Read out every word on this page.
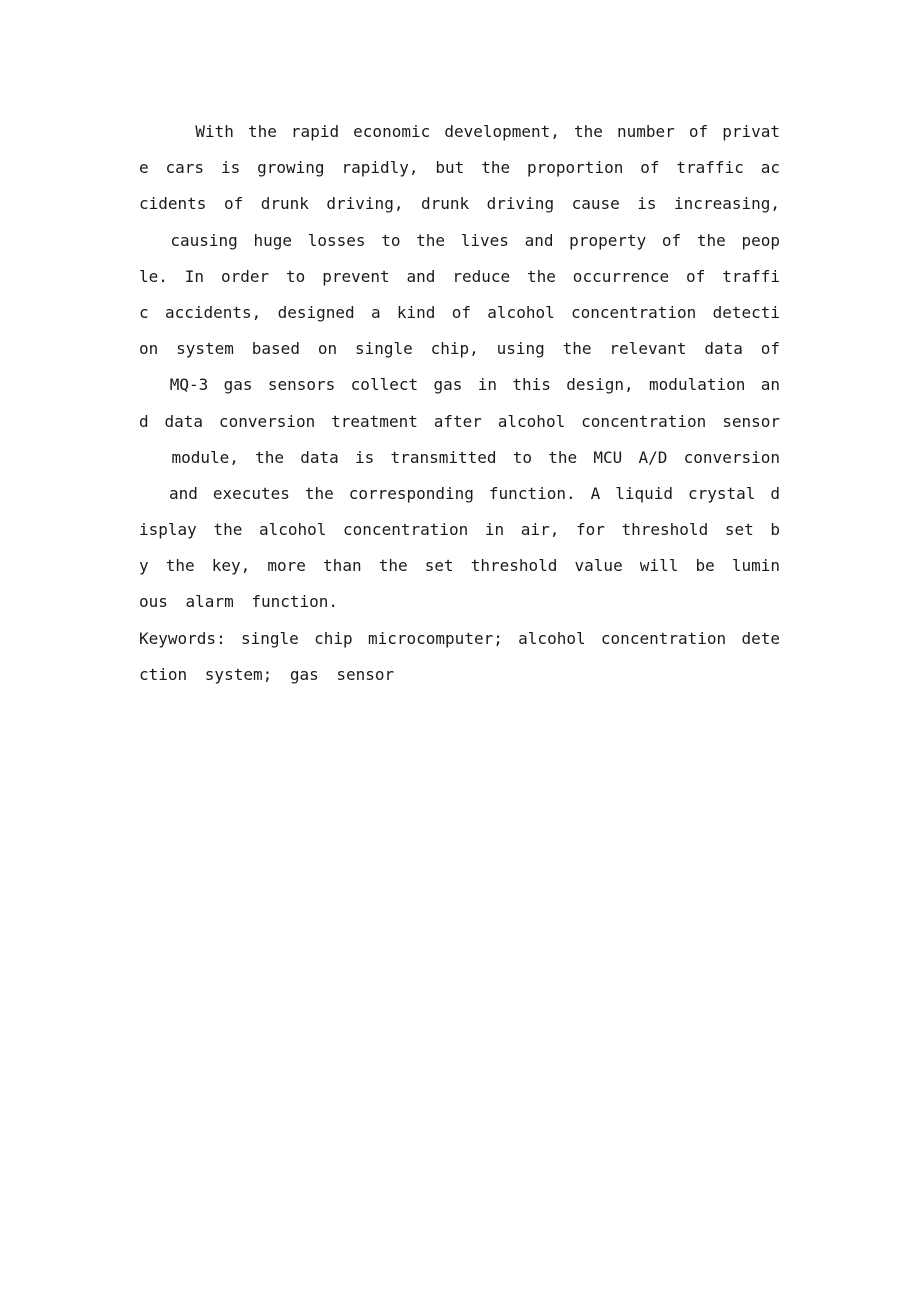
With the rapid economic development, the number of privat
e cars is growing rapidly, but the proportion of traffic ac
cidents of drunk driving, drunk driving cause is increasing,
causing huge losses to the lives and property of the peop
le. In order to prevent and reduce the occurrence of traffi
c accidents, designed a kind of alcohol concentration detecti
on system based on single chip, using the relevant data of
MQ-3 gas sensors collect gas in this design, modulation an
d data conversion treatment after alcohol concentration sensor
module, the data is transmitted to the MCU A/D conversion
and executes the corresponding function. A liquid crystal d
isplay the alcohol concentration in air, for threshold set b
y the key, more than the set threshold value will be lumin
ous alarm function.
Keywords: single chip microcomputer; alcohol concentration dete
ction system; gas sensor
